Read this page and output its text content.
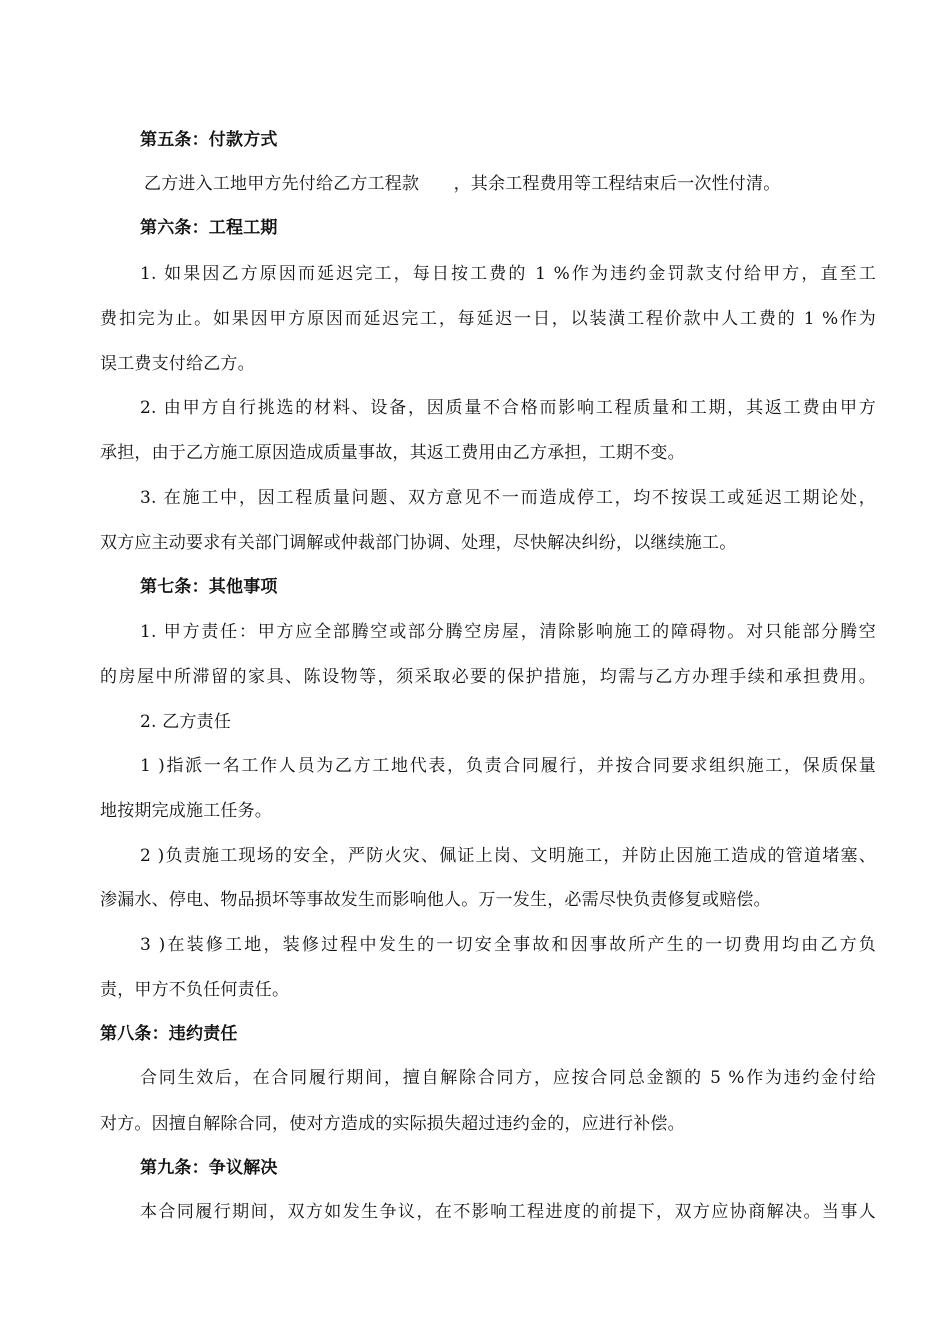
第五条：付款方式
乙方进入工地甲方先付给乙方工程款　　，其余工程费用等工程结束后一次性付清。
第六条：工程工期
1. 如果因乙方原因而延迟完工，每日按工费的 1 %作为违约金罚款支付给甲方，直至工
费扣完为止。如果因甲方原因而延迟完工，每延迟一日，以装潢工程价款中人工费的 1 %作为
误工费支付给乙方。
2. 由甲方自行挑选的材料、设备，因质量不合格而影响工程质量和工期，其返工费由甲方
承担，由于乙方施工原因造成质量事故，其返工费用由乙方承担，工期不变。
3. 在施工中，因工程质量问题、双方意见不一而造成停工，均不按误工或延迟工期论处，
双方应主动要求有关部门调解或仲裁部门协调、处理，尽快解决纠纷，以继续施工。
第七条：其他事项
1. 甲方责任：甲方应全部腾空或部分腾空房屋，清除影响施工的障碍物。对只能部分腾空
的房屋中所滞留的家具、陈设物等，须采取必要的保护措施，均需与乙方办理手续和承担费用。
2. 乙方责任
1 )指派一名工作人员为乙方工地代表，负责合同履行，并按合同要求组织施工，保质保量
地按期完成施工任务。
2 )负责施工现场的安全，严防火灾、佩证上岗、文明施工，并防止因施工造成的管道堵塞、
渗漏水、停电、物品损坏等事故发生而影响他人。万一发生，必需尽快负责修复或赔偿。
3 )在装修工地，装修过程中发生的一切安全事故和因事故所产生的一切费用均由乙方负
责，甲方不负任何责任。
第八条：违约责任
合同生效后，在合同履行期间，擅自解除合同方，应按合同总金额的 5 %作为违约金付给
对方。因擅自解除合同，使对方造成的实际损失超过违约金的，应进行补偿。
第九条：争议解决
本合同履行期间，双方如发生争议，在不影响工程进度的前提下，双方应协商解决。当事人
